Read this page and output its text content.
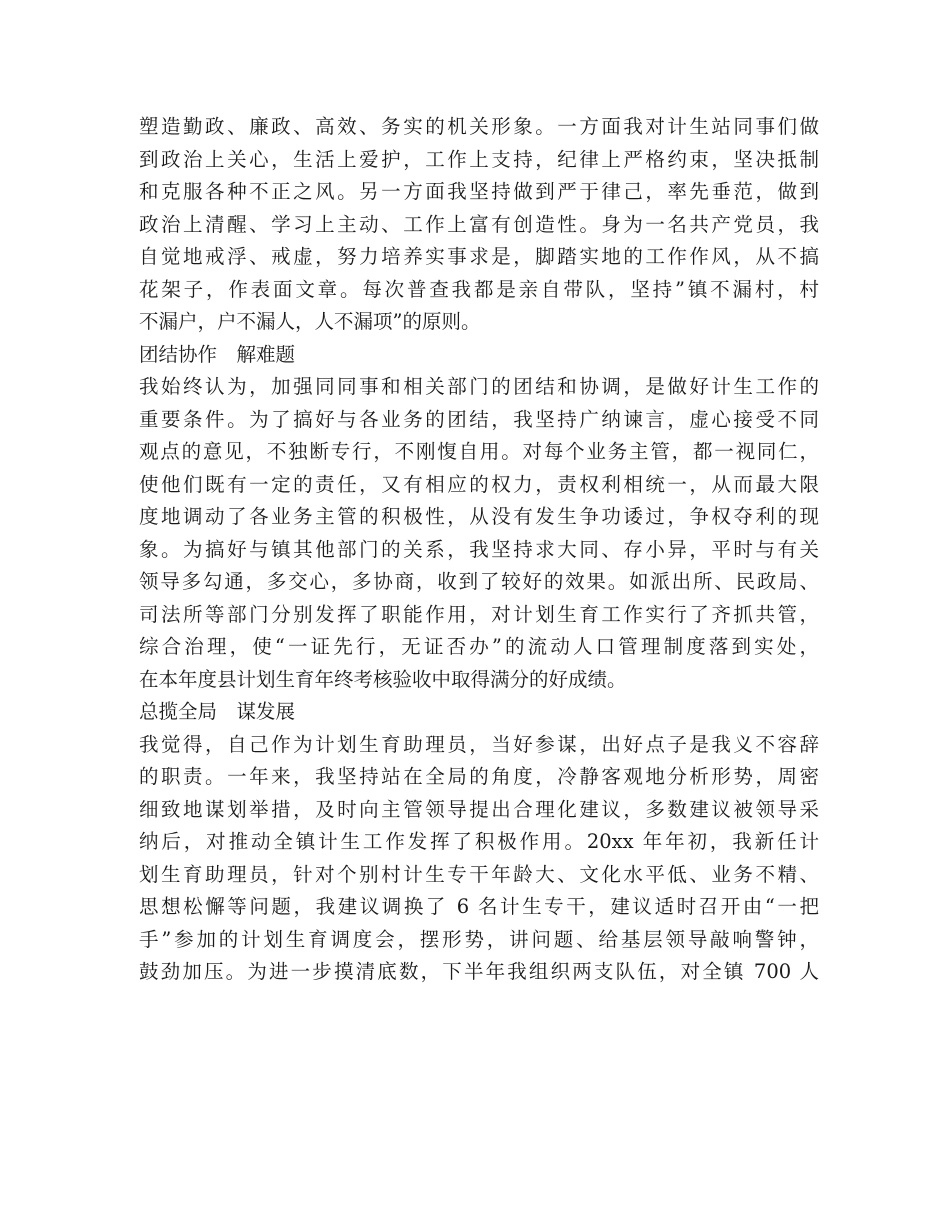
塑造勤政、廉政、高效、务实的机关形象。一方面我对计生站同事们做
到政治上关心，生活上爱护，工作上支持，纪律上严格约束，坚决抵制
和克服各种不正之风。另一方面我坚持做到严于律己，率先垂范，做到
政治上清醒、学习上主动、工作上富有创造性。身为一名共产党员，我
自觉地戒浮、戒虚，努力培养实事求是，脚踏实地的工作作风，从不搞
花架子，作表面文章。每次普查我都是亲自带队，坚持”镇不漏村，村
不漏户，户不漏人，人不漏项”的原则。
团结协作　解难题
我始终认为，加强同同事和相关部门的团结和协调，是做好计生工作的
重要条件。为了搞好与各业务的团结，我坚持广纳谏言，虚心接受不同
观点的意见，不独断专行，不刚愎自用。对每个业务主管，都一视同仁，
使他们既有一定的责任，又有相应的权力，责权利相统一，从而最大限
度地调动了各业务主管的积极性，从没有发生争功诿过，争权夺利的现
象。为搞好与镇其他部门的关系，我坚持求大同、存小异，平时与有关
领导多勾通，多交心，多协商，收到了较好的效果。如派出所、民政局、
司法所等部门分别发挥了职能作用，对计划生育工作实行了齐抓共管，
综合治理，使“一证先行，无证否办”的流动人口管理制度落到实处，
在本年度县计划生育年终考核验收中取得满分的好成绩。
总揽全局　谋发展
我觉得，自己作为计划生育助理员，当好参谋，出好点子是我义不容辞
的职责。一年来，我坚持站在全局的角度，冷静客观地分析形势，周密
细致地谋划举措，及时向主管领导提出合理化建议，多数建议被领导采
纳后，对推动全镇计生工作发挥了积极作用。20xx 年年初，我新任计
划生育助理员，针对个别村计生专干年龄大、文化水平低、业务不精、
思想松懈等问题，我建议调换了 6 名计生专干，建议适时召开由“一把
手”参加的计划生育调度会，摆形势，讲问题、给基层领导敲响警钟，
鼓劲加压。为进一步摸清底数，下半年我组织两支队伍，对全镇 700 人
